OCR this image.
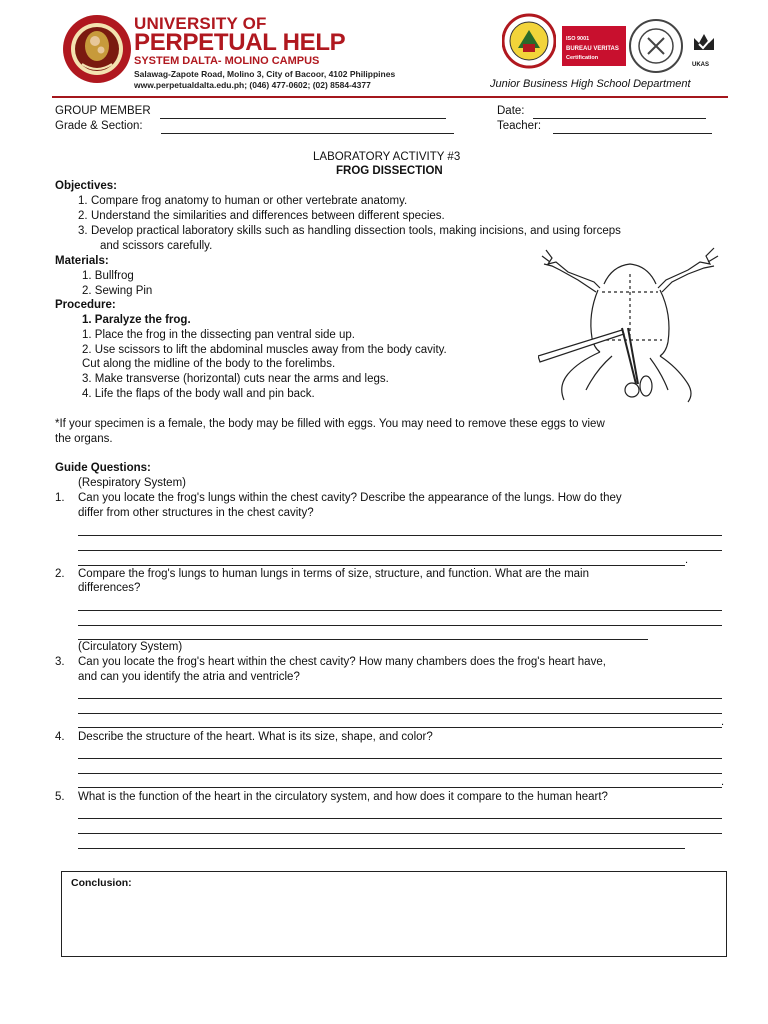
UNIVERSITY OF
PERPETUAL HELP
SYSTEM DALTA- MOLINO CAMPUS
Salawag-Zapote Road, Molino 3, City of Bacoor, 4102 Philippines
www.perpetualdalta.edu.ph; (046) 477-0602; (02) 8584-4377
ISO 9001
BUREAU VERITAS
Certification
UKAS
Junior Business High School Department
GROUP MEMBER	Date:
Grade & Section:	Teacher:
LABORATORY ACTIVITY #3
FROG DISSECTION
Objectives:
1. Compare frog anatomy to human or other vertebrate anatomy.
2. Understand the similarities and differences between different species.
3. Develop practical laboratory skills such as handling dissection tools, making incisions, and using forceps
and scissors carefully.
Materials:
1. Bullfrog
2. Sewing Pin
Procedure:
1. Paralyze the frog.
1. Place the frog in the dissecting pan ventral side up.
2. Use scissors to lift the abdominal muscles away from the body cavity.
Cut along the midline of the body to the forelimbs.
3. Make transverse (horizontal) cuts near the arms and legs.
4. Life the flaps of the body wall and pin back.
*If your specimen is a female, the body may be filled with eggs. You may need to remove these eggs to view
the organs.
Guide Questions:
(Respiratory System)
1. Can you locate the frog's lungs within the chest cavity? Describe the appearance of the lungs. How do they
differ from other structures in the chest cavity?
.
2. Compare the frog's lungs to human lungs in terms of size, structure, and function. What are the main
differences?
(Circulatory System)
3. Can you locate the frog's heart within the chest cavity? How many chambers does the frog's heart have,
and can you identify the atria and ventricle?
.
4. Describe the structure of the heart. What is its size, shape, and color?
.
5. What is the function of the heart in the circulatory system, and how does it compare to the human heart?
Conclusion:
